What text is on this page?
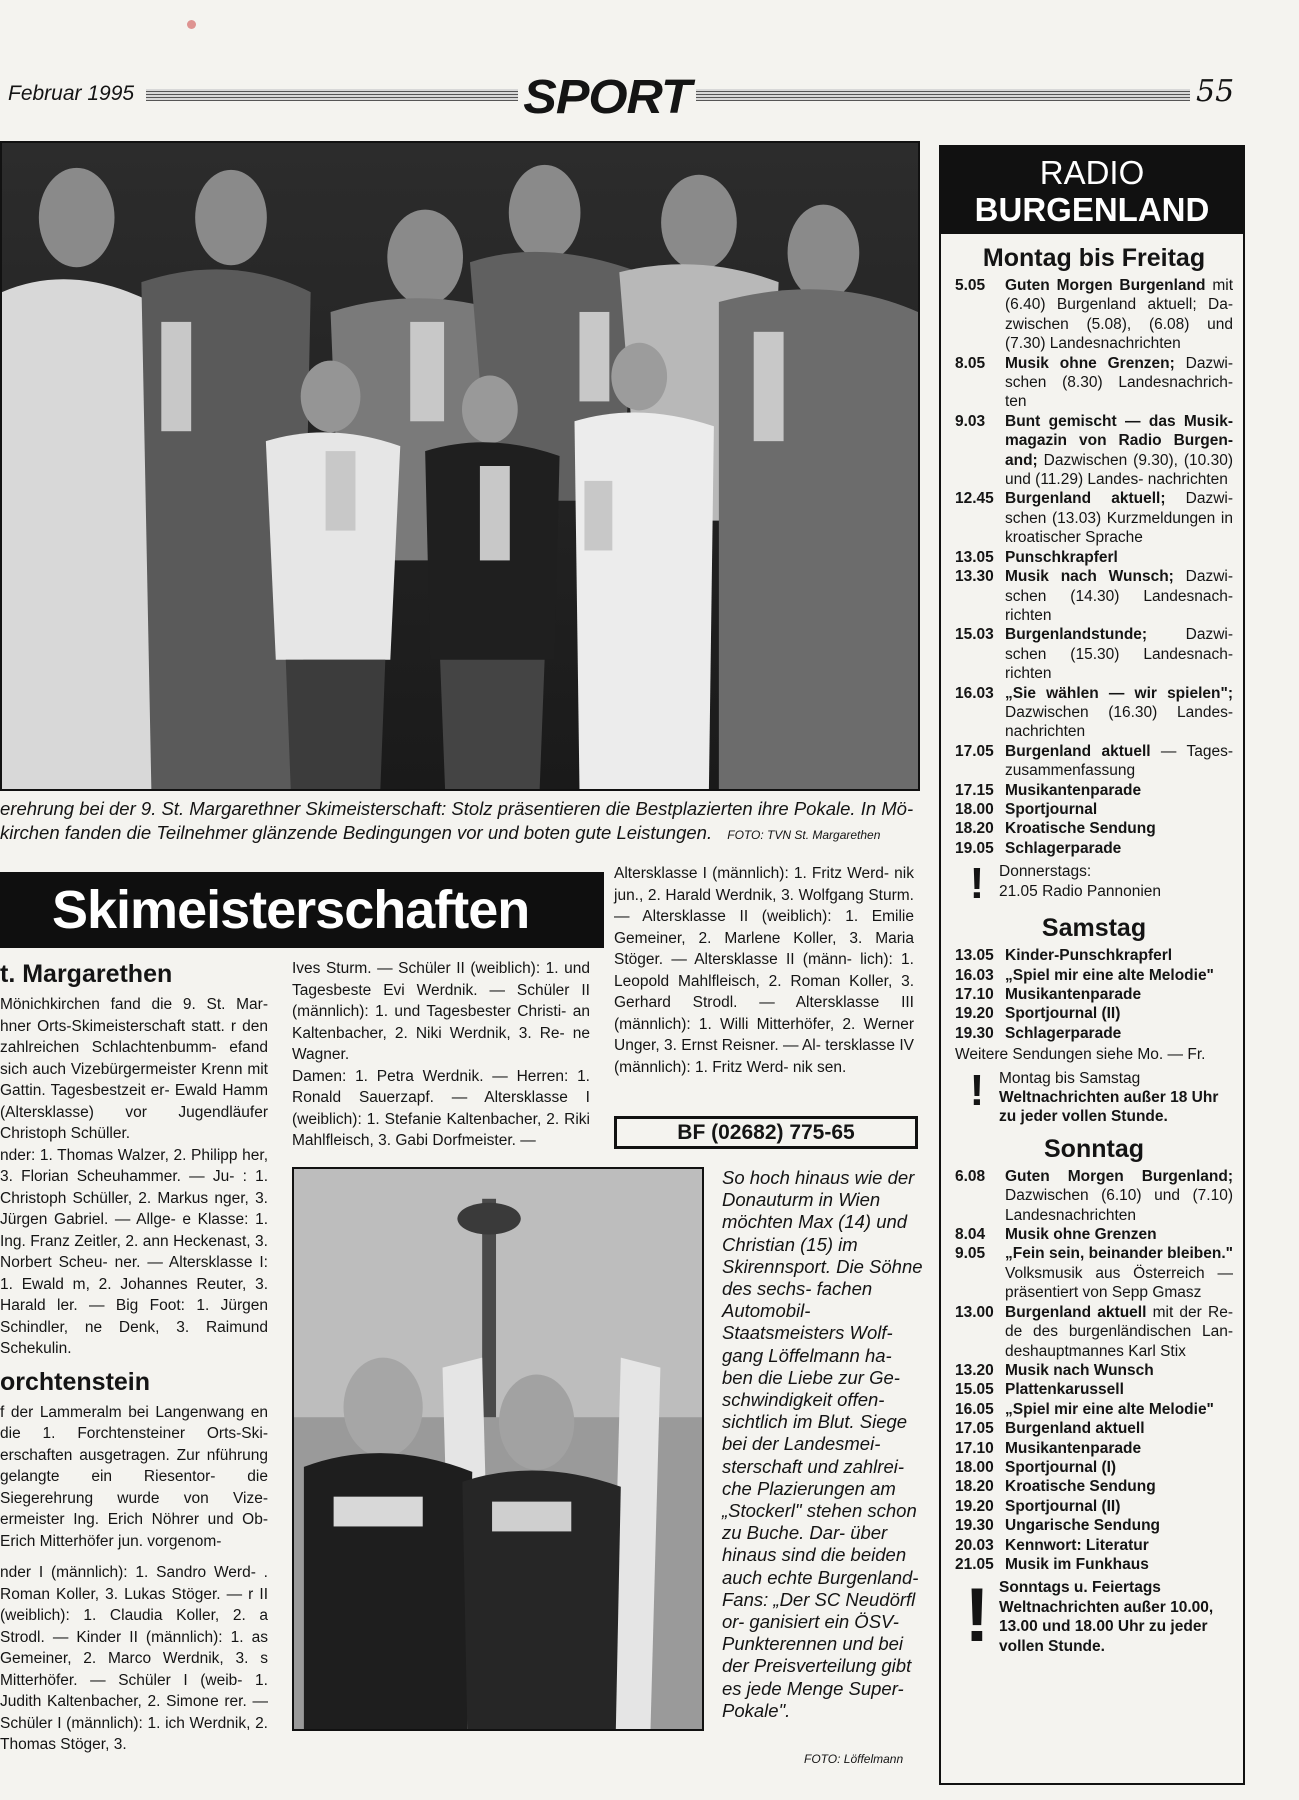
Februar 1995	SPORT	55
erehrung bei der 9. St. Margarethner Skimeisterschaft: Stolz präsentieren die Bestplazierten ihre Pokale. In Mö- kirchen fanden die Teilnehmer glänzende Bedingungen vor und boten gute Leistungen. FOTO: TVN St. Margarethen
Skimeisterschaften
t. Margarethen

Mönichkirchen fand die 9. St. Mar- hner Orts-Skimeisterschaft statt. r den zahlreichen Schlachtenbumm- efand sich auch Vizebürgermeister Krenn mit Gattin. Tagesbestzeit er- Ewald Hamm (Altersklasse) vor Jugendläufer Christoph Schüller.

nder: 1. Thomas Walzer, 2. Philipp her, 3. Florian Scheuhammer. — Ju- : 1. Christoph Schüller, 2. Markus nger, 3. Jürgen Gabriel. — Allge- e Klasse: 1. Ing. Franz Zeitler, 2. ann Heckenast, 3. Norbert Scheu- ner. — Altersklasse I: 1. Ewald m, 2. Johannes Reuter, 3. Harald ler. — Big Foot: 1. Jürgen Schindler, ne Denk, 3. Raimund Schekulin.

orchtenstein

f der Lammeralm bei Langenwang en die 1. Forchtensteiner Orts-Ski- erschaften ausgetragen. Zur nführung gelangte ein Riesentor- die Siegerehrung wurde von Vize- ermeister Ing. Erich Nöhrer und Ob- Erich Mitterhöfer jun. vorgenom-

nder I (männlich): 1. Sandro Werd- . Roman Koller, 3. Lukas Stöger. — r II (weiblich): 1. Claudia Koller, 2. a Strodl. — Kinder II (männlich): 1. as Gemeiner, 2. Marco Werdnik, 3. s Mitterhöfer. — Schüler I (weib- 1. Judith Kaltenbacher, 2. Simone rer. — Schüler I (männlich): 1. ich Werdnik, 2. Thomas Stöger, 3.

Ives Sturm. — Schüler II (weiblich): 1. und Tagesbeste Evi Werdnik. — Schüler II (männlich): 1. und Tagesbester Christi- an Kaltenbacher, 2. Niki Werdnik, 3. Re- ne Wagner.

Damen: 1. Petra Werdnik. — Herren: 1. Ronald Sauerzapf. — Altersklasse I (weiblich): 1. Stefanie Kaltenbacher, 2. Riki Mahlfleisch, 3. Gabi Dorfmeister. —

Altersklasse I (männlich): 1. Fritz Werd- nik jun., 2. Harald Werdnik, 3. Wolfgang Sturm. — Altersklasse II (weiblich): 1. Emilie Gemeiner, 2. Marlene Koller, 3. Maria Stöger. — Altersklasse II (männ- lich): 1. Leopold Mahlfleisch, 2. Roman Koller, 3. Gerhard Strodl. — Altersklasse III (männlich): 1. Willi Mitterhöfer, 2. Werner Unger, 3. Ernst Reisner. — Al- tersklasse IV (männlich): 1. Fritz Werd- nik sen.

BF (02682) 775-65
So hoch hinaus wie der Donauturm in Wien möchten Max (14) und Christian (15) im Skirennsport. Die Söhne des sechs- fachen Automobil- Staatsmeisters Wolf- gang Löffelmann ha- ben die Liebe zur Ge- schwindigkeit offen- sichtlich im Blut. Siege bei der Landesmei- sterschaft und zahlrei- che Plazierungen am „Stockerl" stehen schon zu Buche. Dar- über hinaus sind die beiden auch echte Burgenland-Fans: „Der SC Neudörfl or- ganisiert ein ÖSV- Punkterennen und bei der Preisverteilung gibt es jede Menge Super-Pokale".
FOTO: Löffelmann
RADIO
BURGENLAND
Montag bis Freitag
5.05	Guten Morgen Burgenland mit (6.40) Burgenland aktuell; Da- zwischen (5.08), (6.08) und (7.30) Landesnachrichten
8.05	Musik ohne Grenzen; Dazwi- schen (8.30) Landesnachrich- ten
9.03	Bunt gemischt — das Musik- magazin von Radio Burgen- and; Dazwischen (9.30), (10.30) und (11.29) Landes- nachrichten
12.45 Burgenland aktuell; Dazwi- schen (13.03) Kurzmeldungen in kroatischer Sprache
13.05 Punschkrapferl
13.30 Musik nach Wunsch; Dazwi- schen (14.30) Landesnach- richten
15.03 Burgenlandstunde; Dazwi- schen (15.30) Landesnach- richten
16.03 „Sie wählen — wir spielen"; Dazwischen (16.30) Landes- nachrichten
17.05 Burgenland aktuell — Tages- zusammenfassung
17.15 Musikantenparade
18.00 Sportjournal
18.20 Kroatische Sendung
19.05 Schlagerparade
! Donnerstags:
21.05 Radio Pannonien
Samstag
13.05 Kinder-Punschkrapferl
16.03 „Spiel mir eine alte Melodie"
17.10 Musikantenparade
19.20 Sportjournal (II)
19.30 Schlagerparade
Weitere Sendungen siehe Mo. — Fr.
! Montag bis Samstag
Weltnachrichten außer 18 Uhr zu jeder vollen Stunde.
Sonntag
6.08	Guten Morgen Burgenland; Dazwischen (6.10) und (7.10) Landesnachrichten
8.04	Musik ohne Grenzen
9.05	„Fein sein, beinander bleiben." Volksmusik aus Österreich — präsentiert von Sepp Gmasz
13.00 Burgenland aktuell mit der Re- de des burgenländischen Lan- deshauptmannes Karl Stix
13.20 Musik nach Wunsch
15.05 Plattenkarussell
16.05 „Spiel mir eine alte Melodie"
17.05 Burgenland aktuell
17.10 Musikantenparade
18.00 Sportjournal (I)
18.20 Kroatische Sendung
19.20 Sportjournal (II)
19.30 Ungarische Sendung
20.03 Kennwort: Literatur
21.05 Musik im Funkhaus
! Sonntags u. Feiertags Weltnachrichten außer 10.00, 13.00 und 18.00 Uhr zu jeder vollen Stunde.
